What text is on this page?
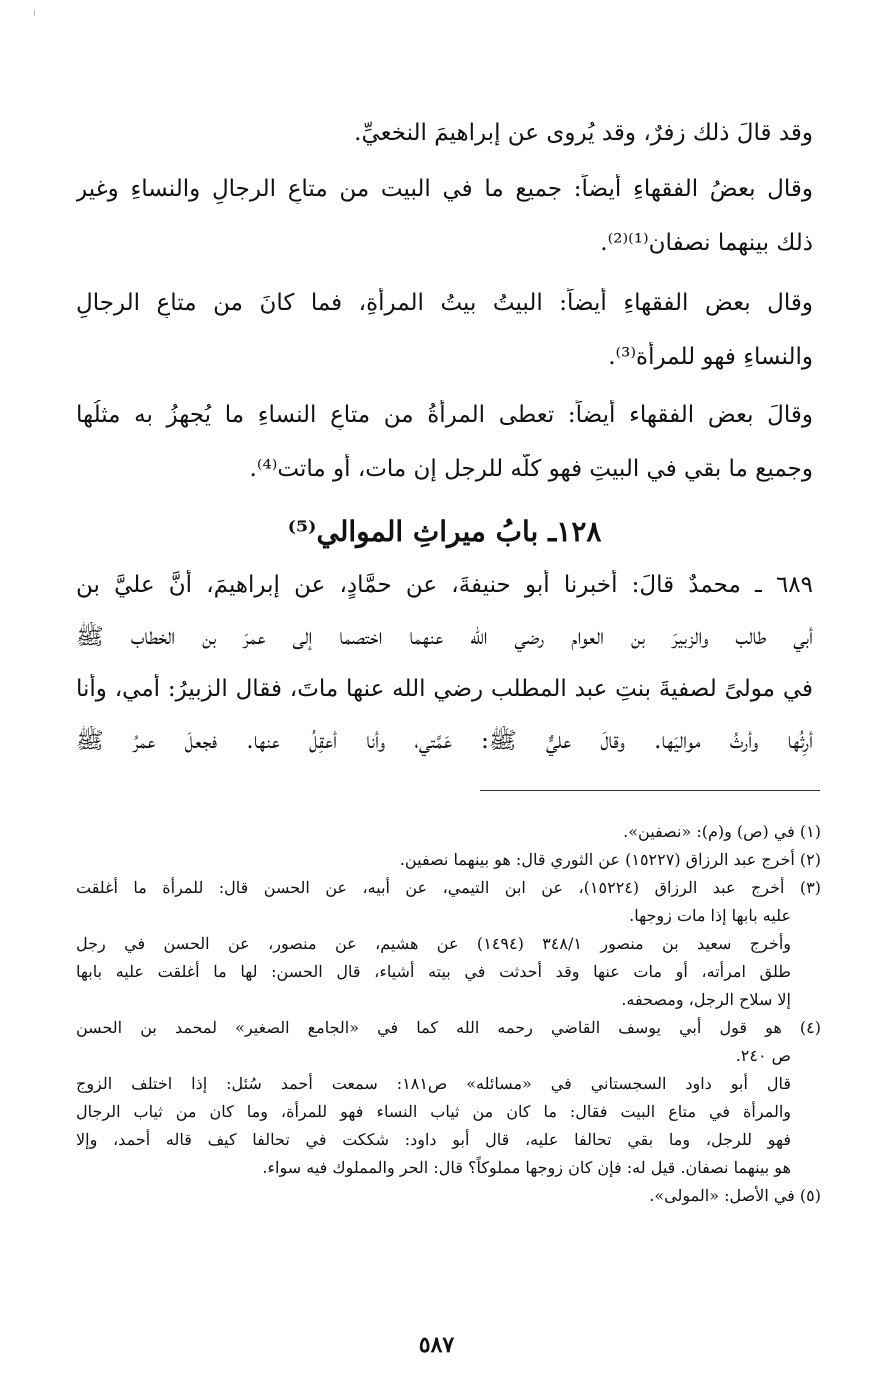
وقد قالَ ذلك زفرٌ، وقد يُروى عن إبراهيمَ النخعيِّ.
وقال بعضُ الفقهاءِ أيضاً: جميع ما في البيت من متاعِ الرجالِ والنساءِ وغير
ذلك بينهما نصفان⁽¹⁾⁽²⁾.
وقال بعض الفقهاءِ أيضاً: البيتُ بيتُ المرأةِ، فما كانَ من متاعِ الرجالِ
والنساءِ فهو للمرأة⁽³⁾.
وقالَ بعض الفقهاء أيضاً: تعطى المرأةُ من متاعِ النساءِ ما يُجهزُ به مثلُها
وجميع ما بقي في البيتِ فهو كلُّه للرجل إن مات، أو ماتت⁽⁴⁾.
١٢٨ـ بابُ ميراثِ الموالي⁽⁵⁾
٦٨٩ ـ محمدٌ قالَ: أخبرنا أبو حنيفةَ، عن حمَّادٍ، عن إبراهيمَ، أنَّ عليَّ بن
أبي طالب والزبيرَ بن العوام رضي الله عنهما اختصما إلى عمرَ بن الخطاب ﷺ
في مولىً لصفيةَ بنتِ عبد المطلب رضي الله عنها ماتَ، فقال الزبيرُ: أمي، وأنا
أرِثُها وأرثُ مواليَها. وقالَ عليٌّ ﷺ: عَمَّتي، وأنا أعقِلُ عنها. فجعلَ عمرُ ﷺ
(١) في (ص) و(م): «نصفين».
(٢) أخرج عبد الرزاق (١٥٢٢٧) عن الثوري قال: هو بينهما نصفين.
(٣) أخرج عبد الرزاق (١٥٢٢٤)، عن ابن التيمي، عن أبيه، عن الحسن قال: للمرأة ما أغلقت
عليه بابها إذا مات زوجها.
وأخرج سعيد بن منصور ٣٤٨/١ (١٤٩٤) عن هشيم، عن منصور، عن الحسن في رجل
طلق امرأته، أو مات عنها وقد أحدثت في بيته أشياء، قال الحسن: لها ما أغلقت عليه بابها
إلا سلاح الرجل، ومصحفه.
(٤) هو قول أبي يوسف القاضي رحمه الله كما في «الجامع الصغير» لمحمد بن الحسن
ص ٢٤٠.
قال أبو داود السجستاني في «مسائله» ص١٨١: سمعت أحمد سُئل: إذا اختلف الزوج
والمرأة في متاع البيت فقال: ما كان من ثياب النساء فهو للمرأة، وما كان من ثياب الرجال
فهو للرجل، وما بقي تحالفا عليه، قال أبو داود: شككت في تحالفا كيف قاله أحمد، وإلا
هو بينهما نصفان. قيل له: فإن كان زوجها مملوكاً؟ قال: الحر والمملوك فيه سواء.
(٥) في الأصل: «المولى».
٥٨٧
